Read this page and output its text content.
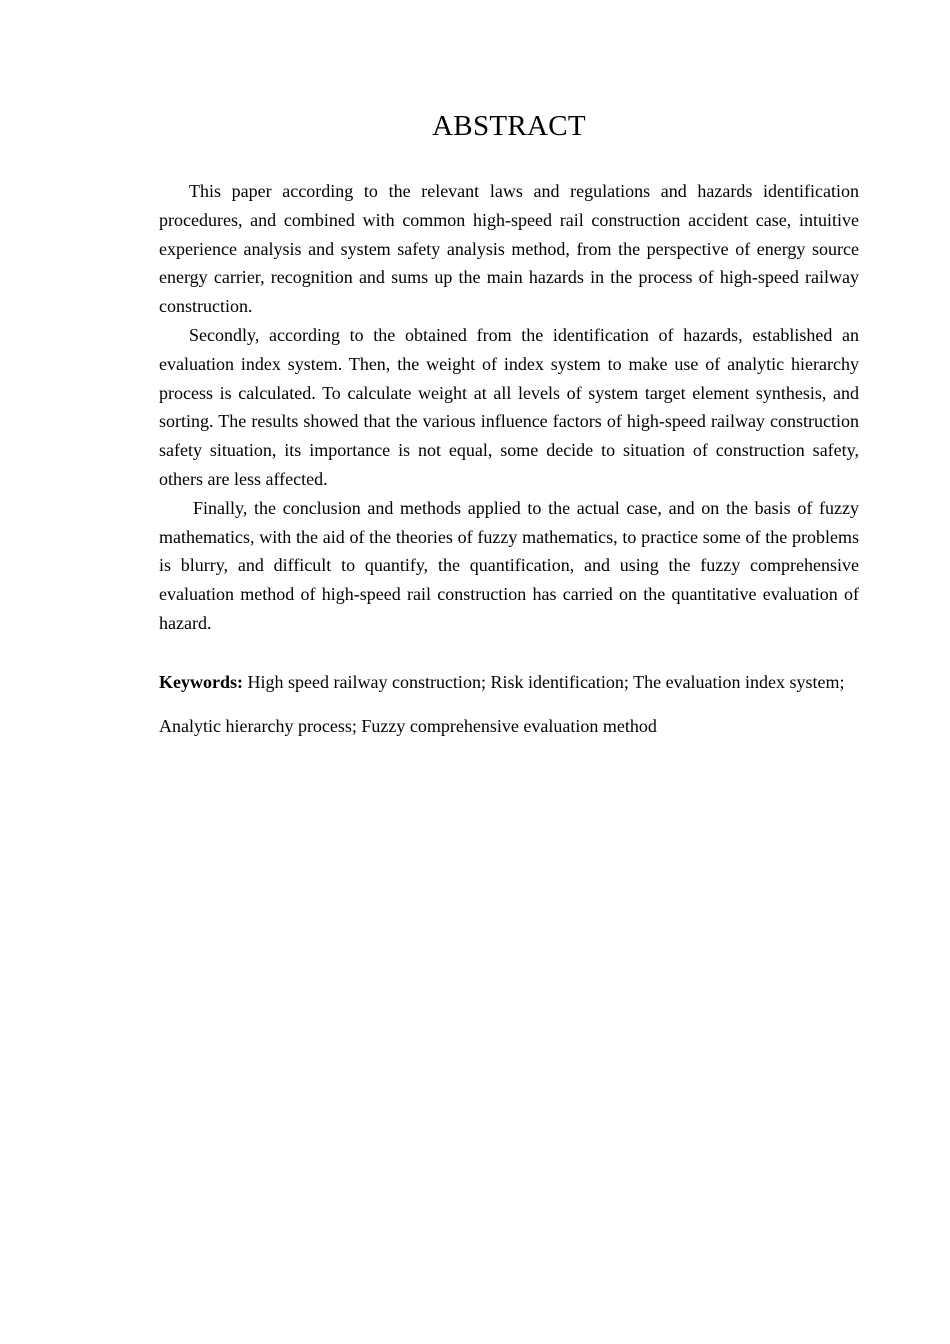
ABSTRACT

This paper according to the relevant laws and regulations and hazards identification procedures, and combined with common high-speed rail construction accident case, intuitive experience analysis and system safety analysis method, from the perspective of energy source energy carrier, recognition and sums up the main hazards in the process of high-speed railway construction.

Secondly, according to the obtained from the identification of hazards, established an evaluation index system. Then, the weight of index system to make use of analytic hierarchy process is calculated. To calculate weight at all levels of system target element synthesis, and sorting. The results showed that the various influence factors of high-speed railway construction safety situation, its importance is not equal, some decide to situation of construction safety, others are less affected.

Finally, the conclusion and methods applied to the actual case, and on the basis of fuzzy mathematics, with the aid of the theories of fuzzy mathematics, to practice some of the problems is blurry, and difficult to quantify, the quantification, and using the fuzzy comprehensive evaluation method of high-speed rail construction has carried on the quantitative evaluation of hazard.

Keywords: High speed railway construction; Risk identification; The evaluation index system; Analytic hierarchy process; Fuzzy comprehensive evaluation method
